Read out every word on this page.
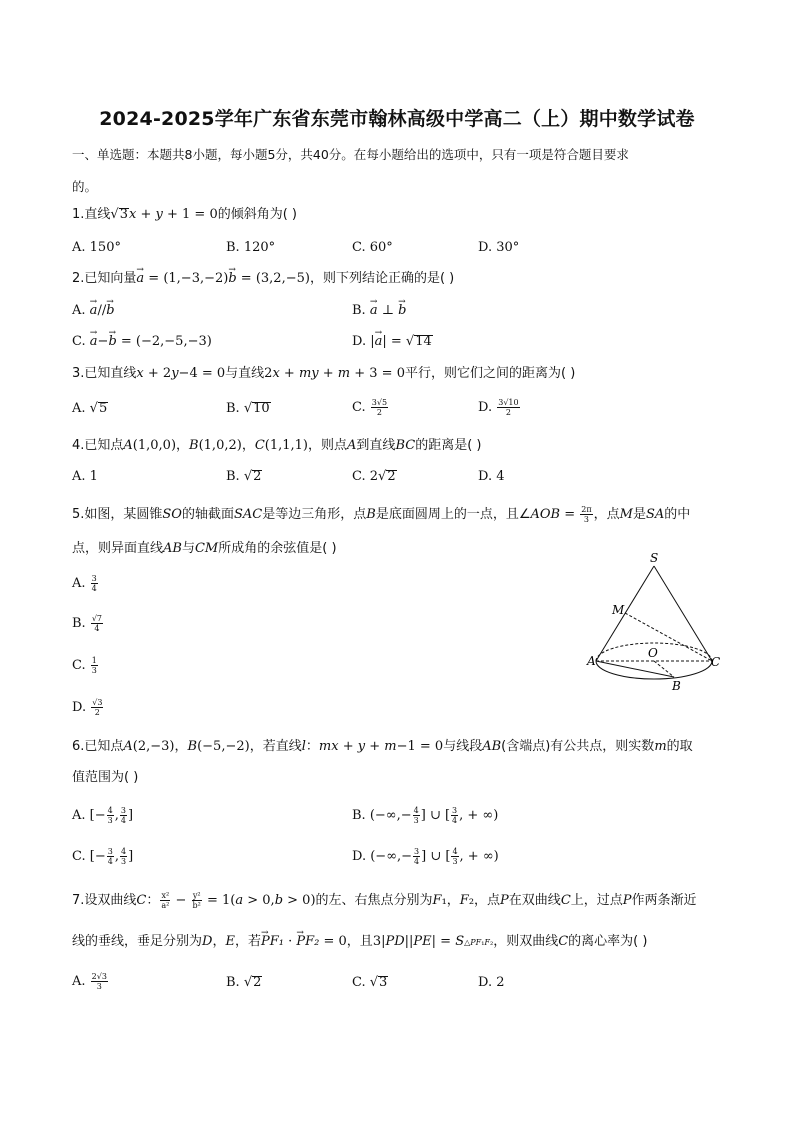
2024-2025学年广东省东莞市翰林高级中学高二（上）期中数学试卷
一、单选题：本题共8小题，每小题5分，共40分。在每小题给出的选项中，只有一项是符合题目要求
的。
1.直线√3x + y + 1 = 0的倾斜角为( )
A. 150°	B. 120°	C. 60°	D. 30°
2.已知向量→ a = (1,−3,−2)→ b = (3,2,−5)，则下列结论正确的是( )
A. → a//→ b	B. → a ⊥ → b
C. → a−→ b = (−2,−5,−3)	D. |→ a| = √14
3.已知直线x + 2y−4 = 0与直线2x + my + m + 3 = 0平行，则它们之间的距离为( )
A. √5	B. √10	C. $\frac{3√5}{2}$	D. $\frac{3√10}{2}$
4.已知点A(1,0,0)，B(1,0,2)，C(1,1,1)，则点A到直线BC的距离是( )
A. 1	B. √2	C. 2√2	D. 4
5.如图，某圆锥SO的轴截面SAC是等边三角形，点B是底面圆周上的一点，且∠AOB = $\frac{2\pi}{3}$ ，点M是SA的中
点，则异面直线AB与CM所成角的余弦值是( )
A. $\frac{3}{4}$
B. $\frac{√7}{4}$
C. $\frac{1}{3}$
D. $\frac{√3}{2}$
S
M
A
O
C
B
6.已知点A(2,−3)，B(−5,−2)，若直线l：mx + y + m−1 = 0与线段AB(含端点)有公共点，则实数m的取
值范围为( )
A. [− $\frac{4}{3}$ , $\frac{3}{4}$ ]	B. (−∞,− $\frac{4}{3}$ ] ∪ [ $\frac{3}{4}$ , + ∞)
C. [− $\frac{3}{4}$ , $\frac{4}{3}$ ]	D. (−∞,− $\frac{3}{4}$ ] ∪ [ $\frac{4}{3}$ , + ∞)
7.设双曲线C： $\frac{\text{x²}}{\text{a²}} - \frac{\text{y²}}{\text{b²}} = 1(a > 0,b > 0)$的左、右焦点分别为F₁，F₂，点P在双曲线C上，过点P作两条渐近
线的垂线，垂足分别为D，E，若→ PF₁ · → PF₂ = 0，且3|PD||PE| = S△PF₁F₂，则双曲线C的离心率为( )
A. $\frac{2√3}{3}$	B. √2	C. √3	D. 2
